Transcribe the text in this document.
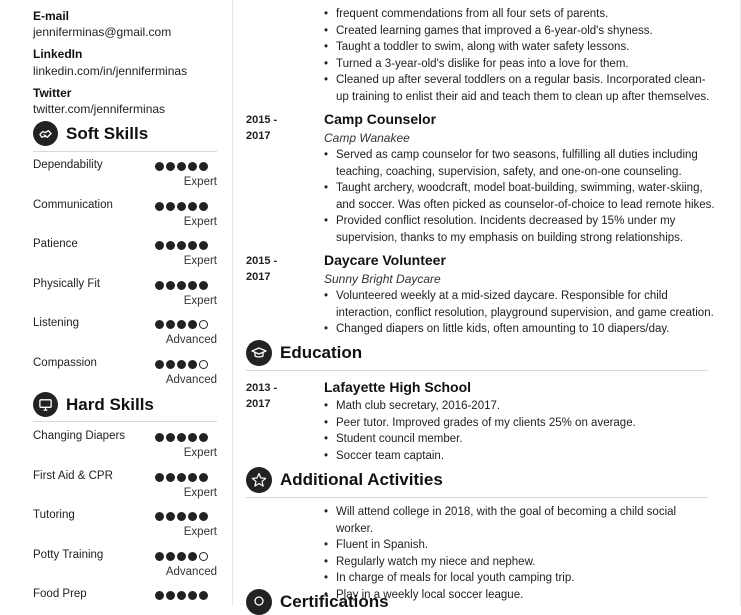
E-mail
jenniferminas@gmail.com
LinkedIn
linkedin.com/in/jenniferminas
Twitter
twitter.com/jenniferminas
Soft Skills
Dependability
Expert
Communication
Expert
Patience
Expert
Physically Fit
Expert
Listening
Advanced
Compassion
Advanced
Hard Skills
Changing Diapers
Expert
First Aid & CPR
Expert
Tutoring
Expert
Potty Training
Advanced
Food Prep
• frequent commendations from all four sets of parents.
• Created learning games that improved a 6-year-old's shyness.
• Taught a toddler to swim, along with water safety lessons.
• Turned a 3-year-old's dislike for peas into a love for them.
• Cleaned up after several toddlers on a regular basis. Incorporated clean-up training to enlist their aid and teach them to clean up after themselves.
2015 -
2017
Camp Counselor
Camp Wanakee
• Served as camp counselor for two seasons, fulfilling all duties including teaching, coaching, supervision, safety, and one-on-one counseling.
• Taught archery, woodcraft, model boat-building, swimming, water-skiing, and soccer. Was often picked as counselor-of-choice to lead remote hikes.
• Provided conflict resolution. Incidents decreased by 15% under my supervision, thanks to my emphasis on building strong relationships.
2015 -
2017
Daycare Volunteer
Sunny Bright Daycare
• Volunteered weekly at a mid-sized daycare. Responsible for child interaction, conflict resolution, playground supervision, and game creation.
• Changed diapers on little kids, often amounting to 10 diapers/day.
Education
2013 -
2017
Lafayette High School
• Math club secretary, 2016-2017.
• Peer tutor. Improved grades of my clients 25% on average.
• Student council member.
• Soccer team captain.
Additional Activities
• Will attend college in 2018, with the goal of becoming a child social worker.
• Fluent in Spanish.
• Regularly watch my niece and nephew.
• In charge of meals for local youth camping trip.
• Play in a weekly local soccer league.
Certifications
